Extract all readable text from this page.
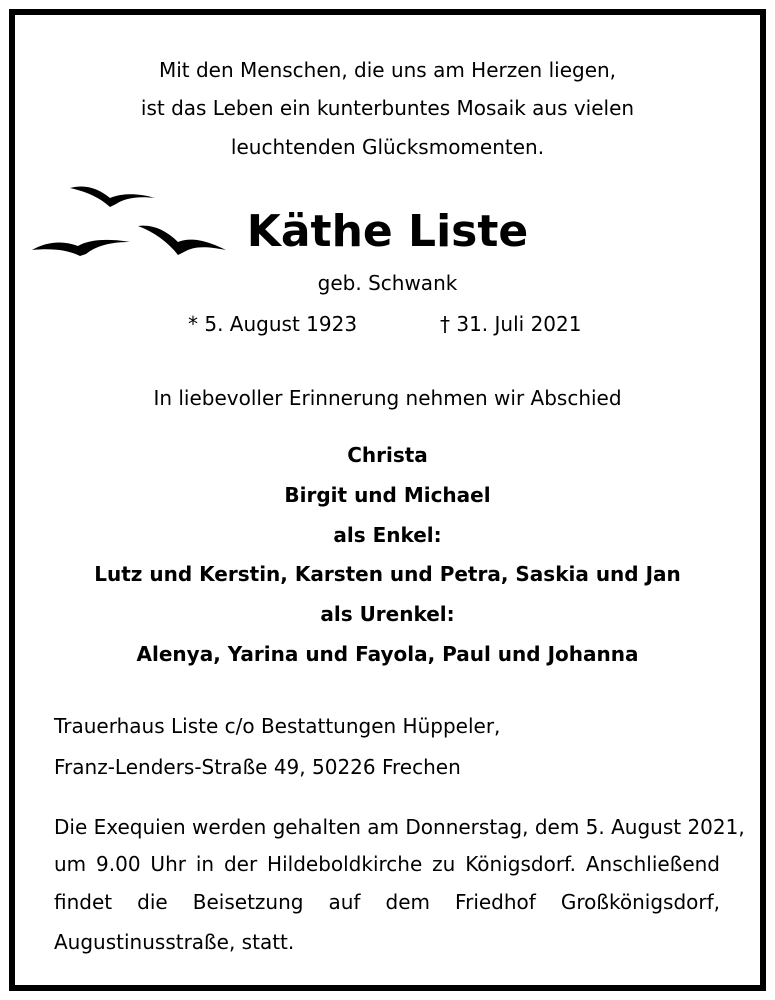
Mit den Menschen, die uns am Herzen liegen,
ist das Leben ein kunterbuntes Mosaik aus vielen
leuchtenden Glücksmomenten.
Käthe Liste
geb. Schwank
* 5. August 1923	† 31. Juli 2021
In liebevoller Erinnerung nehmen wir Abschied
Christa
Birgit und Michael
als Enkel:
Lutz und Kerstin, Karsten und Petra, Saskia und Jan
als Urenkel:
Alenya, Yarina und Fayola, Paul und Johanna
Trauerhaus Liste c/o Bestattungen Hüppeler,
Franz-Lenders-Straße 49, 50226 Frechen
Die Exequien werden gehalten am Donnerstag, dem 5. August 2021,
um 9.00 Uhr in der Hildeboldkirche zu Königsdorf. Anschließend
findet die Beisetzung auf dem Friedhof Großkönigsdorf,
Augustinusstraße, statt.
